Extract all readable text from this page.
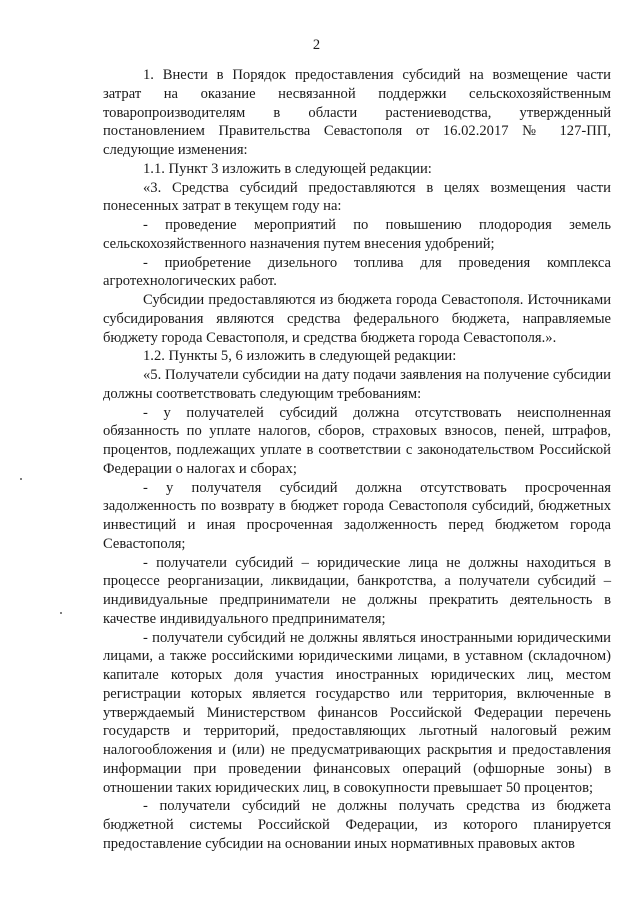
2

1. Внести в Порядок предоставления субсидий на возмещение части затрат на оказание несвязанной поддержки сельскохозяйственным товаропроизводителям в области растениеводства, утвержденный постановлением Правительства Севастополя от 16.02.2017 № 127-ПП, следующие изменения:

1.1. Пункт 3 изложить в следующей редакции:

«3. Средства субсидий предоставляются в целях возмещения части понесенных затрат в текущем году на:

- проведение мероприятий по повышению плодородия земель сельскохозяйственного назначения путем внесения удобрений;

- приобретение дизельного топлива для проведения комплекса агротехнологических работ.

Субсидии предоставляются из бюджета города Севастополя. Источниками субсидирования являются средства федерального бюджета, направляемые бюджету города Севастополя, и средства бюджета города Севастополя.».

1.2. Пункты 5, 6 изложить в следующей редакции:

«5. Получатели субсидии на дату подачи заявления на получение субсидии должны соответствовать следующим требованиям:

- у получателей субсидий должна отсутствовать неисполненная обязанность по уплате налогов, сборов, страховых взносов, пеней, штрафов, процентов, подлежащих уплате в соответствии с законодательством Российской Федерации о налогах и сборах;

- у получателя субсидий должна отсутствовать просроченная задолженность по возврату в бюджет города Севастополя субсидий, бюджетных инвестиций и иная просроченная задолженность перед бюджетом города Севастополя;

- получатели субсидий – юридические лица не должны находиться в процессе реорганизации, ликвидации, банкротства, а получатели субсидий – индивидуальные предприниматели не должны прекратить деятельность в качестве индивидуального предпринимателя;

- получатели субсидий не должны являться иностранными юридическими лицами, а также российскими юридическими лицами, в уставном (складочном) капитале которых доля участия иностранных юридических лиц, местом регистрации которых является государство или территория, включенные в утверждаемый Министерством финансов Российской Федерации перечень государств и территорий, предоставляющих льготный налоговый режим налогообложения и (или) не предусматривающих раскрытия и предоставления информации при проведении финансовых операций (офшорные зоны) в отношении таких юридических лиц, в совокупности превышает 50 процентов;

- получатели субсидий не должны получать средства из бюджета бюджетной системы Российской Федерации, из которого планируется предоставление субсидии на основании иных нормативных правовых актов
